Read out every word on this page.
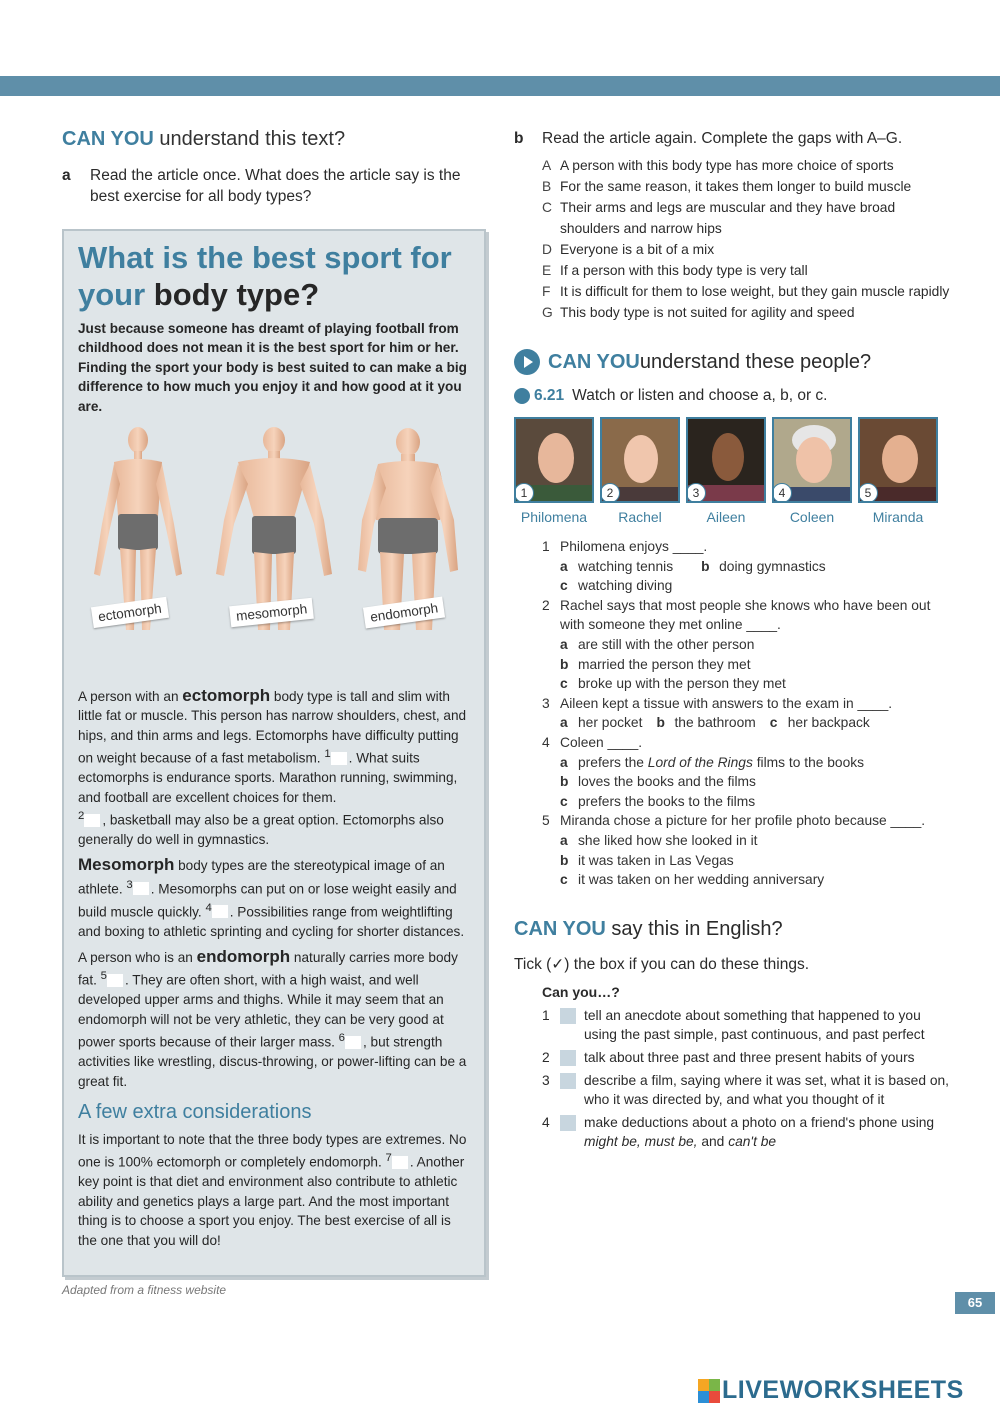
CAN YOU understand this text?
a	Read the article once. What does the article say is the best exercise for all body types?
What is the best sport for
your body type?

Just because someone has dreamt of playing football from childhood does not mean it is the best sport for him or her. Finding the sport your body is best suited to can make a big difference to how much you enjoy it and how good at it you are.

ectomorph	mesomorph	endomorph

A person with an ectomorph body type is tall and slim with little fat or muscle. This person has narrow shoulders, chest, and hips, and thin arms and legs. Ectomorphs have difficulty putting on weight because of a fast metabolism. $^1$ . What suits ectomorphs is endurance sports. Marathon running, swimming, and football are excellent choices for them.
$^2$ , basketball may also be a great option. Ectomorphs also generally do well in gymnastics.

Mesomorph body types are the stereotypical image of an athlete. $^3$ . Mesomorphs can put on or lose weight easily and build muscle quickly. $^4$ . Possibilities range from weightlifting and boxing to athletic sprinting and cycling for shorter distances.

A person who is an endomorph naturally carries more body fat. $^5$ . They are often short, with a high waist, and well developed upper arms and thighs. While it may seem that an endomorph will not be very athletic, they can be very good at power sports because of their larger mass. $^6$ , but strength activities like wrestling, discus-throwing, or power-lifting can be a great fit.

A few extra considerations

It is important to note that the three body types are extremes. No one is 100% ectomorph or completely endomorph. $^7$ . Another key point is that diet and environment also contribute to athletic ability and genetics plays a large part. And the most important thing is to choose a sport you enjoy. The best exercise of all is the one that you will do!

Adapted from a fitness website
b	Read the article again. Complete the gaps with A–G.
A A person with this body type has more choice of sports
B For the same reason, it takes them longer to build muscle
C Their arms and legs are muscular and they have broad shoulders and narrow hips
D Everyone is a bit of a mix
E If a person with this body type is very tall
F It is difficult for them to lose weight, but they gain muscle rapidly
G This body type is not suited for agility and speed
CAN YOU understand these people?
6.21 Watch or listen and choose a, b, or c.
1
Philomena
2
Rachel
3
Aileen
4
Coleen
5
Miranda
1 Philomena enjoys ____.
a watching tennis b doing gymnastics
c watching diving
2 Rachel says that most people she knows who have been out with someone they met online ____.
a are still with the other person
b married the person they met
c broke up with the person they met
3 Aileen kept a tissue with answers to the exam in ____.
a her pocket b the bathroom c her backpack
4 Coleen ____.
a prefers the Lord of the Rings films to the books
b loves the books and the films
c prefers the books to the films
5 Miranda chose a picture for her profile photo because ____.
a she liked how she looked in it
b it was taken in Las Vegas
c it was taken on her wedding anniversary
CAN YOU say this in English?
Tick (✓) the box if you can do these things.
Can you…?
1	tell an anecdote about something that happened to you using the past simple, past continuous, and past perfect
2	talk about three past and three present habits of yours
3	describe a film, saying where it was set, what it is based on, who it was directed by, and what you thought of it
4	make deductions about a photo on a friend's phone using might be, must be, and can't be
65
LIVEWORKSHEETS
